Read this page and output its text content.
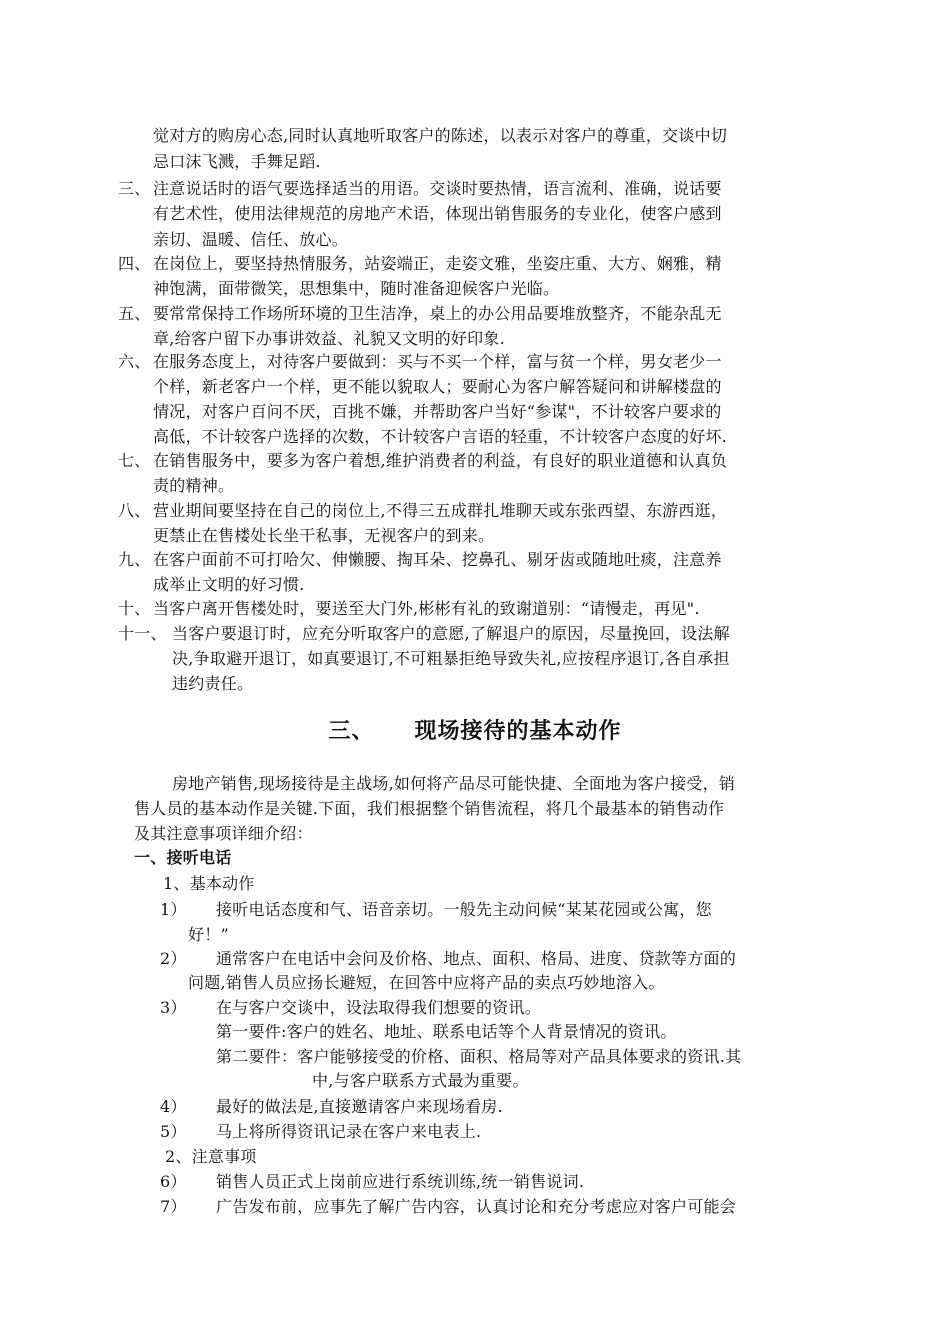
觉对方的购房心态,同时认真地听取客户的陈述，以表示对客户的尊重，交谈中切
忌口沫飞溅，手舞足蹈.
三、 注意说话时的语气要选择适当的用语。交谈时要热情，语言流利、准确，说话要
有艺术性，使用法律规范的房地产术语，体现出销售服务的专业化，使客户感到
亲切、温暖、信任、放心。
四、 在岗位上，要坚持热情服务，站姿端正，走姿文雅，坐姿庄重、大方、娴雅，精
神饱满，面带微笑，思想集中，随时准备迎候客户光临。
五、 要常常保持工作场所环境的卫生洁净，桌上的办公用品要堆放整齐，不能杂乱无
章,给客户留下办事讲效益、礼貌又文明的好印象.
六、 在服务态度上，对待客户要做到：买与不买一个样，富与贫一个样，男女老少一
个样，新老客户一个样，更不能以貌取人；要耐心为客户解答疑问和讲解楼盘的
情况，对客户百问不厌，百挑不嫌，并帮助客户当好“参谋"，不计较客户要求的
高低，不计较客户选择的次数，不计较客户言语的轻重，不计较客户态度的好坏.
七、 在销售服务中，要多为客户着想,维护消费者的利益，有良好的职业道德和认真负
责的精神。
八、 营业期间要坚持在自己的岗位上,不得三五成群扎堆聊天或东张西望、东游西逛，
更禁止在售楼处长坐干私事，无视客户的到来。
九、 在客户面前不可打哈欠、伸懒腰、掏耳朵、挖鼻孔、剔牙齿或随地吐痰，注意养
成举止文明的好习惯.
十、 当客户离开售楼处时，要送至大门外,彬彬有礼的致谢道别：“请慢走，再见".
十一、 当客户要退订时，应充分听取客户的意愿,了解退户的原因，尽量挽回，设法解
决,争取避开退订，如真要退订,不可粗暴拒绝导致失礼,应按程序退订,各自承担
违约责任。
三、 现场接待的基本动作
房地产销售,现场接待是主战场,如何将产品尽可能快捷、全面地为客户接受，销
售人员的基本动作是关键.下面，我们根据整个销售流程，将几个最基本的销售动作
及其注意事项详细介绍：
一、接听电话
1、基本动作
1） 接听电话态度和气、语音亲切。一般先主动问候“某某花园或公寓，您
好！”
2） 通常客户在电话中会问及价格、地点、面积、格局、进度、贷款等方面的
问题,销售人员应扬长避短，在回答中应将产品的卖点巧妙地溶入。
3） 在与客户交谈中，设法取得我们想要的资讯。
第一要件:客户的姓名、地址、联系电话等个人背景情况的资讯。
第二要件：客户能够接受的价格、面积、格局等对产品具体要求的资讯.其
中,与客户联系方式最为重要。
4） 最好的做法是,直接邀请客户来现场看房.
5） 马上将所得资讯记录在客户来电表上.
2、注意事项
6） 销售人员正式上岗前应进行系统训练,统一销售说词.
7） 广告发布前，应事先了解广告内容，认真讨论和充分考虑应对客户可能会
